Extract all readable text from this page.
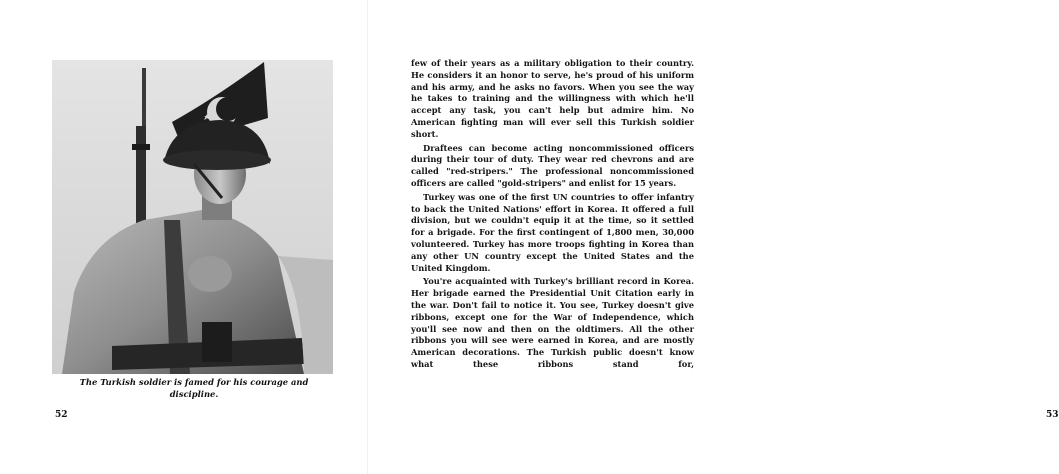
The Turkish soldier is famed for his courage and discipline.
52	53

few of their years as a military obligation to their country. He considers it an honor to serve, he's proud of his uniform and his army, and he asks no favors. When you see the way he takes to training and the willingness with which he'll accept any task, you can't help but admire him. No American fighting man will ever sell this Turkish soldier short.

Draftees can become acting noncommissioned officers during their tour of duty. They wear red chevrons and are called "red-stripers." The professional noncommissioned officers are called "gold-stripers" and enlist for 15 years.

Turkey was one of the first UN countries to offer infantry to back the United Nations' effort in Korea. It offered a full division, but we couldn't equip it at the time, so it settled for a brigade. For the first contingent of 1,800 men, 30,000 volunteered. Turkey has more troops fighting in Korea than any other UN country except the United States and the United Kingdom.

You're acquainted with Turkey's brilliant record in Korea. Her brigade earned the Presidential Unit Citation early in the war. Don't fail to notice it. You see, Turkey doesn't give ribbons, except one for the War of Independence, which you'll see now and then on the oldtimers. All the other ribbons you will see were earned in Korea, and are mostly American decorations. The Turkish public doesn't know what these ribbons stand for,
